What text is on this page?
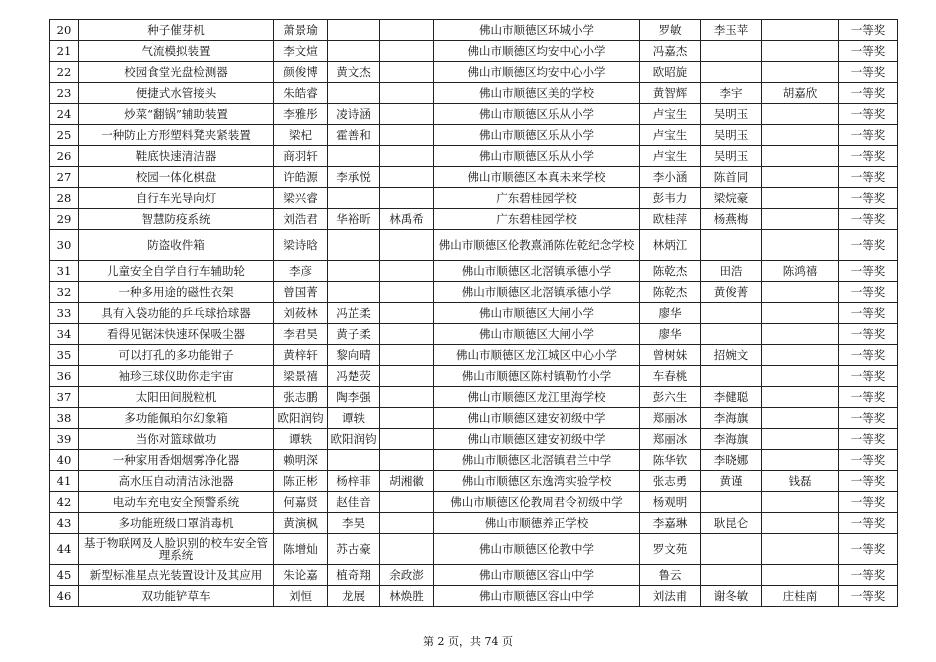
20	种子催芽机	萧景瑜			佛山市顺德区环城小学	罗敏	李玉苹		一等奖
21	气流模拟装置	李文煊			佛山市顺德区均安中心小学	冯嘉杰			一等奖
22	校园食堂光盘检测器	颜俊博	黄文杰		佛山市顺德区均安中心小学	欧昭旋			一等奖
23	便捷式水管接头	朱皓睿			佛山市顺德区美的学校	黄智辉	李宇	胡嘉欣	一等奖
24	炒菜“翻锅”辅助装置	李雅彤	凌诗涵		佛山市顺德区乐从小学	卢宝生	吴明玉		一等奖
25	一种防止方形塑料凳夹紧装置	梁杞	霍善和		佛山市顺德区乐从小学	卢宝生	吴明玉		一等奖
26	鞋底快速清洁器	商羽轩			佛山市顺德区乐从小学	卢宝生	吴明玉		一等奖
27	校园一体化棋盘	许皓源	李承悦		佛山市顺德区本真未来学校	李小涵	陈首同		一等奖
28	自行车光导向灯	梁兴睿			广东碧桂园学校	彭韦力	梁烷豪		一等奖
29	智慧防疫系统	刘浩君	华裕昕	林禹希	广东碧桂园学校	欧桂萍	杨燕梅		一等奖
30	防盗收件箱	梁诗晗			佛山市顺德区伦教熹涌陈佐乾纪念学校	林炳江			一等奖
31	儿童安全自学自行车辅助轮	李彦			佛山市顺德区北滘镇承德小学	陈乾杰	田浩	陈鸿禧	一等奖
32	一种多用途的磁性衣架	曾国菁			佛山市顺德区北滘镇承德小学	陈乾杰	黄俊菁		一等奖
33	具有入袋功能的乒乓球拾球器	刘莜林	冯芷柔		佛山市顺德区大闸小学	廖华			一等奖
34	看得见锯沫快速环保吸尘器	李君昊	黄子柔		佛山市顺德区大闸小学	廖华			一等奖
35	可以打孔的多功能钳子	黄梓轩	黎向晴		佛山市顺德区龙江城区中心小学	曾树妹	招婉文		一等奖
36	袖珍三球仪助你走宇宙	梁景禧	冯楚荧		佛山市顺德区陈村镇勒竹小学	车春桃			一等奖
37	太阳田间脱粒机	张志鹏	陶李强		佛山市顺德区龙江里海学校	彭六生	李健聪		一等奖
38	多功能佩珀尔幻象箱	欧阳润钧	谭轶		佛山市顺德区建安初级中学	郑丽冰	李海旗		一等奖
39	当你对篮球做功	谭轶	欧阳润钧		佛山市顺德区建安初级中学	郑丽冰	李海旗		一等奖
40	一种家用香烟烟雾净化器	赖明深			佛山市顺德区北滘镇君兰中学	陈华钦	李晓娜		一等奖
41	高水压自动清洁泳池器	陈正彬	杨梓菲	胡湘徽	佛山市顺德区东逸湾实验学校	张志勇	黄谨	钱磊	一等奖
42	电动车充电安全预警系统	何嘉贤	赵佳音		佛山市顺德区伦教周君令初级中学	杨观明			一等奖
43	多功能班级口罩消毒机	黄演枫	李昊		佛山市顺德养正学校	李嘉琳	耿昆仑		一等奖
44	基于物联网及人脸识别的校车安全管理系统	陈增灿	苏古豪		佛山市顺德区伦教中学	罗文苑			一等奖
45	新型标准星点光装置设计及其应用	朱论嘉	植奇翔	余政澎	佛山市顺德区容山中学	鲁云			一等奖
46	双功能铲草车	刘恒	龙展	林焕胜	佛山市顺德区容山中学	刘法甫	谢冬敏	庄桂南	一等奖
第 2 页，共 74 页
